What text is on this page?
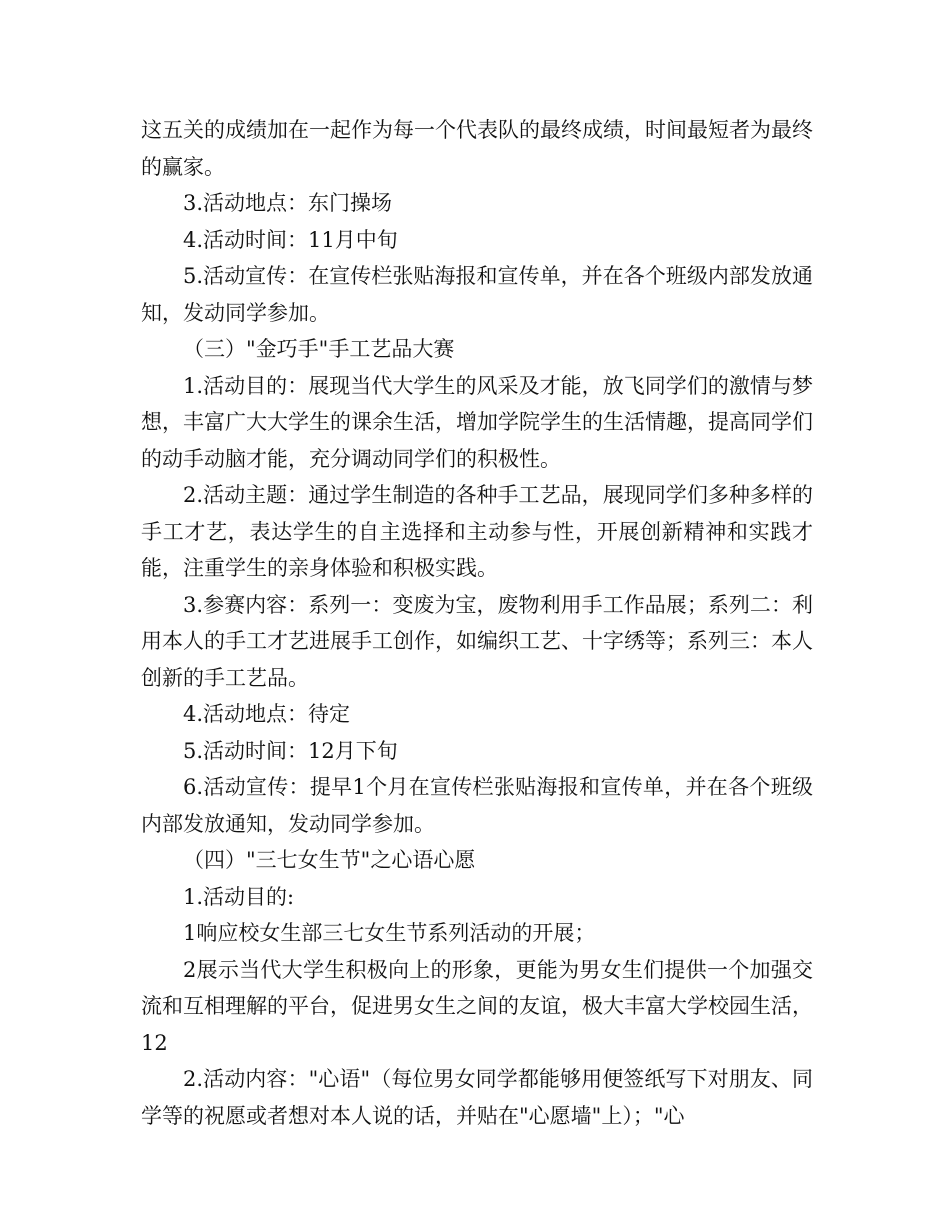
这五关的成绩加在一起作为每一个代表队的最终成绩，时间最短者为最终的赢家。

3.活动地点：东门操场

4.活动时间：11月中旬

5.活动宣传：在宣传栏张贴海报和宣传单，并在各个班级内部发放通知，发动同学参加。

（三）"金巧手"手工艺品大赛

1.活动目的：展现当代大学生的风采及才能，放飞同学们的激情与梦想，丰富广大大学生的课余生活，增加学院学生的生活情趣，提高同学们的动手动脑才能，充分调动同学们的积极性。

2.活动主题：通过学生制造的各种手工艺品，展现同学们多种多样的手工才艺，表达学生的自主选择和主动参与性，开展创新精神和实践才能，注重学生的亲身体验和积极实践。

3.参赛内容：系列一：变废为宝，废物利用手工作品展；系列二：利用本人的手工才艺进展手工创作，如编织工艺、十字绣等；系列三：本人创新的手工艺品。

4.活动地点：待定

5.活动时间：12月下旬

6.活动宣传：提早1个月在宣传栏张贴海报和宣传单，并在各个班级内部发放通知，发动同学参加。

（四）"三七女生节"之心语心愿

1.活动目的:

1响应校女生部三七女生节系列活动的开展；

2展示当代大学生积极向上的形象，更能为男女生们提供一个加强交流和互相理解的平台，促进男女生之间的友谊，极大丰富大学校园生活，        12

2.活动内容："心语"（每位男女同学都能够用便签纸写下对朋友、同学等的祝愿或者想对本人说的话，并贴在"心愿墙"上）；"心
